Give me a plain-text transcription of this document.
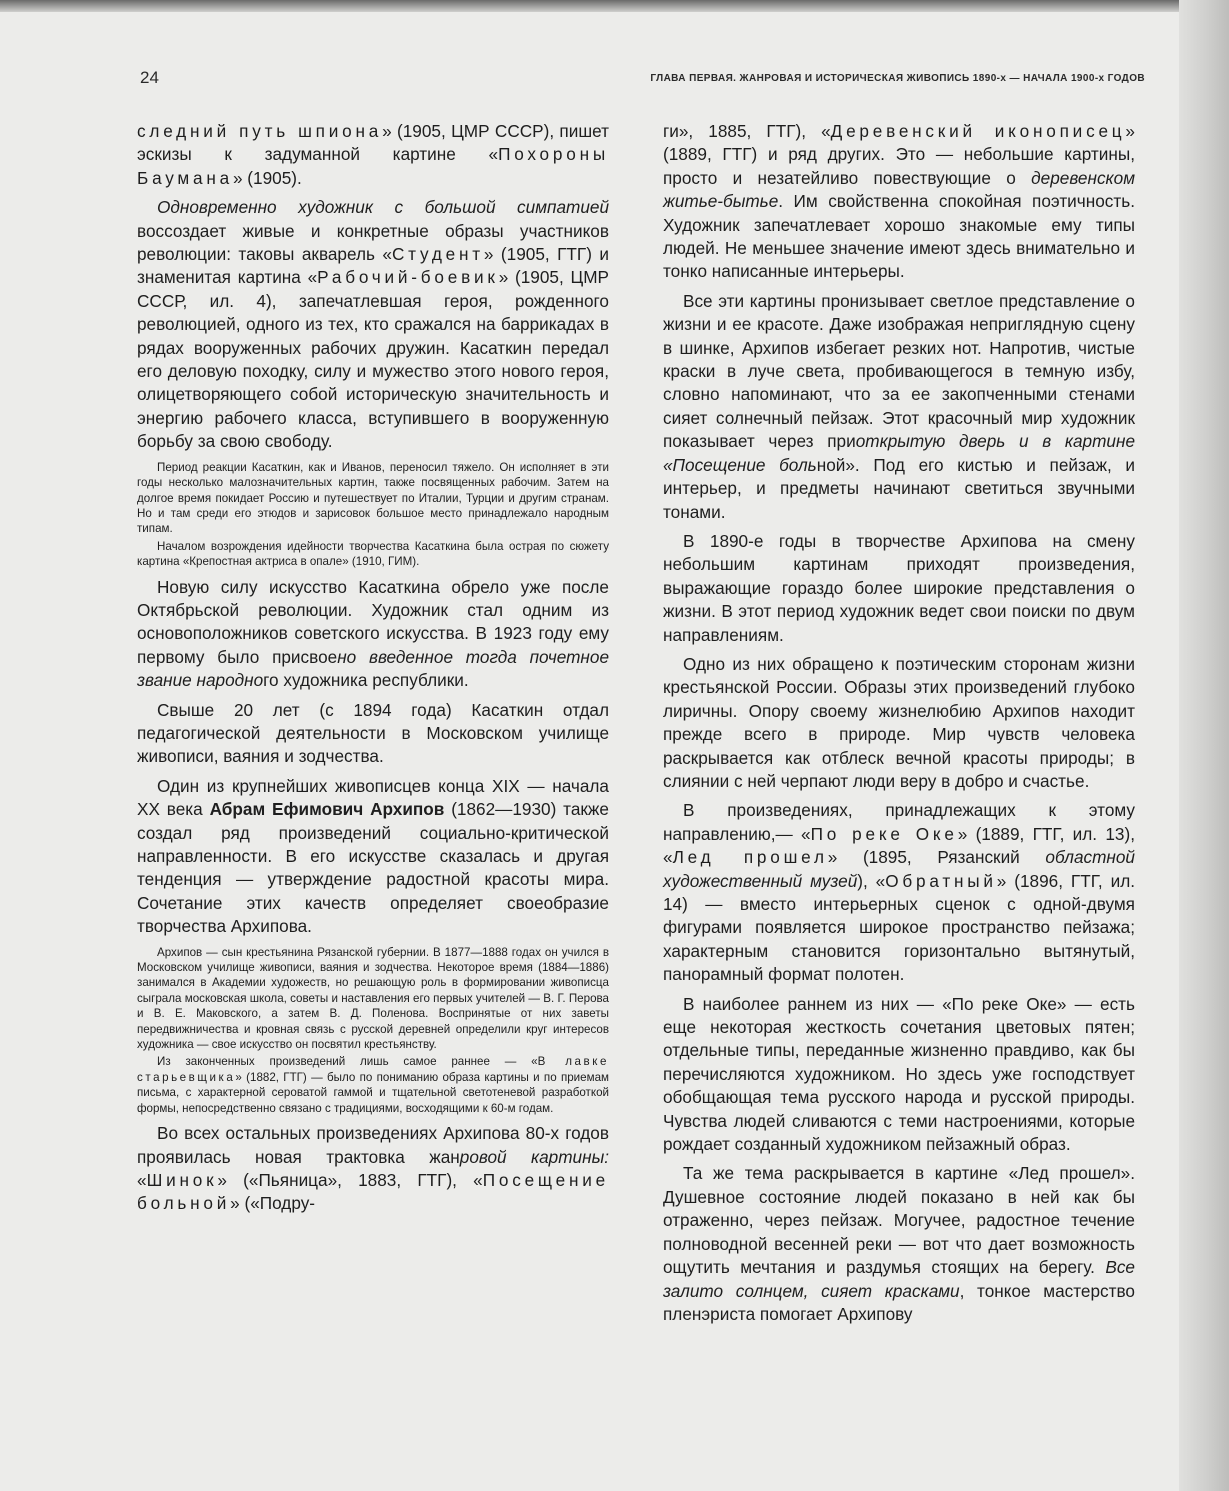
24	ГЛАВА ПЕРВАЯ. ЖАНРОВАЯ И ИСТОРИЧЕСКАЯ ЖИВОПИСЬ 1890-х — НАЧАЛА 1900-х ГОДОВ

следний путь шпиона» (1905, ЦМР СССР), пишет эскизы к задуманной картине «Похороны Баумана» (1905).

Одновременно художник с большой симпатией воссоздает живые и конкретные образы участников революции: таковы акварель «Студент» (1905, ГТГ) и знаменитая картина «Рабочий-боевик» (1905, ЦМР СССР, ил. 4), запечатлевшая героя, рожденного революцией, одного из тех, кто сражался на баррикадах в рядах вооруженных рабочих дружин. Касаткин передал его деловую походку, силу и мужество этого нового героя, олицетворяющего собой историческую значительность и энергию рабочего класса, вступившего в вооруженную борьбу за свою свободу.

Период реакции Касаткин, как и Иванов, переносил тяжело. Он исполняет в эти годы несколько малозначительных картин, также посвященных рабочим. Затем на долгое время покидает Россию и путешествует по Италии, Турции и другим странам. Но и там среди его этюдов и зарисовок большое место принадлежало народным типам.

Началом возрождения идейности творчества Касаткина была острая по сюжету картина «Крепостная актриса в опале» (1910, ГИМ).

Новую силу искусство Касаткина обрело уже после Октябрьской революции. Художник стал одним из основоположников советского искусства. В 1923 году ему первому было присвоено введенное тогда почетное звание народного художника республики.

Свыше 20 лет (с 1894 года) Касаткин отдал педагогической деятельности в Московском училище живописи, ваяния и зодчества.

Один из крупнейших живописцев конца XIX — начала XX века Абрам Ефимович Архипов (1862—1930) также создал ряд произведений социально-критической направленности. В его искусстве сказалась и другая тенденция — утверждение радостной красоты мира. Сочетание этих качеств определяет своеобразие творчества Архипова.

Архипов — сын крестьянина Рязанской губернии. В 1877—1888 годах он учился в Московском училище живописи, ваяния и зодчества. Некоторое время (1884—1886) занимался в Академии художеств, но решающую роль в формировании живописца сыграла московская школа, советы и наставления его первых учителей — В. Г. Перова и В. Е. Маковского, а затем В. Д. Поленова. Воспринятые от них заветы передвижничества и кровная связь с русской деревней определили круг интересов художника — свое искусство он посвятил крестьянству.

Из законченных произведений лишь самое раннее — «В лавке старьевщика» (1882, ГТГ) — было по пониманию образа картины и по приемам письма, с характерной сероватой гаммой и тщательной светотеневой разработкой формы, непосредственно связано с традициями, восходящими к 60-м годам.

Во всех остальных произведениях Архипова 80-х годов проявилась новая трактовка жанровой картины: «Шинок» («Пьяница», 1883, ГТГ), «Посещение больной» («Подру-

ги», 1885, ГТГ), «Деревенский иконописец» (1889, ГТГ) и ряд других. Это — небольшие картины, просто и незатейливо повествующие о деревенском житье-бытье. Им свойственна спокойная поэтичность. Художник запечатлевает хорошо знакомые ему типы людей. Не меньшее значение имеют здесь внимательно и тонко написанные интерьеры.

Все эти картины пронизывает светлое представление о жизни и ее красоте. Даже изображая неприглядную сцену в шинке, Архипов избегает резких нот. Напротив, чистые краски в луче света, пробивающегося в темную избу, словно напоминают, что за ее закопченными стенами сияет солнечный пейзаж. Этот красочный мир художник показывает через приоткрытую дверь и в картине «Посещение больной». Под его кистью и пейзаж, и интерьер, и предметы начинают светиться звучными тонами.

В 1890-е годы в творчестве Архипова на смену небольшим картинам приходят произведения, выражающие гораздо более широкие представления о жизни. В этот период художник ведет свои поиски по двум направлениям.

Одно из них обращено к поэтическим сторонам жизни крестьянской России. Образы этих произведений глубоко лиричны. Опору своему жизнелюбию Архипов находит прежде всего в природе. Мир чувств человека раскрывается как отблеск вечной красоты природы; в слиянии с ней черпают люди веру в добро и счастье.

В произведениях, принадлежащих к этому направлению,— «По реке Оке» (1889, ГТГ, ил. 13), «Лед прошел» (1895, Рязанский областной художественный музей), «Обратный» (1896, ГТГ, ил. 14) — вместо интерьерных сценок с одной-двумя фигурами появляется широкое пространство пейзажа; характерным становится горизонтально вытянутый, панорамный формат полотен.

В наиболее раннем из них — «По реке Оке» — есть еще некоторая жесткость сочетания цветовых пятен; отдельные типы, переданные жизненно правдиво, как бы перечисляются художником. Но здесь уже господствует обобщающая тема русского народа и русской природы. Чувства людей сливаются с теми настроениями, которые рождает созданный художником пейзажный образ.

Та же тема раскрывается в картине «Лед прошел». Душевное состояние людей показано в ней как бы отраженно, через пейзаж. Могучее, радостное течение полноводной весенней реки — вот что дает возможность ощутить мечтания и раздумья стоящих на берегу. Все залито солнцем, сияет красками, тонкое мастерство пленэриста помогает Архипову
